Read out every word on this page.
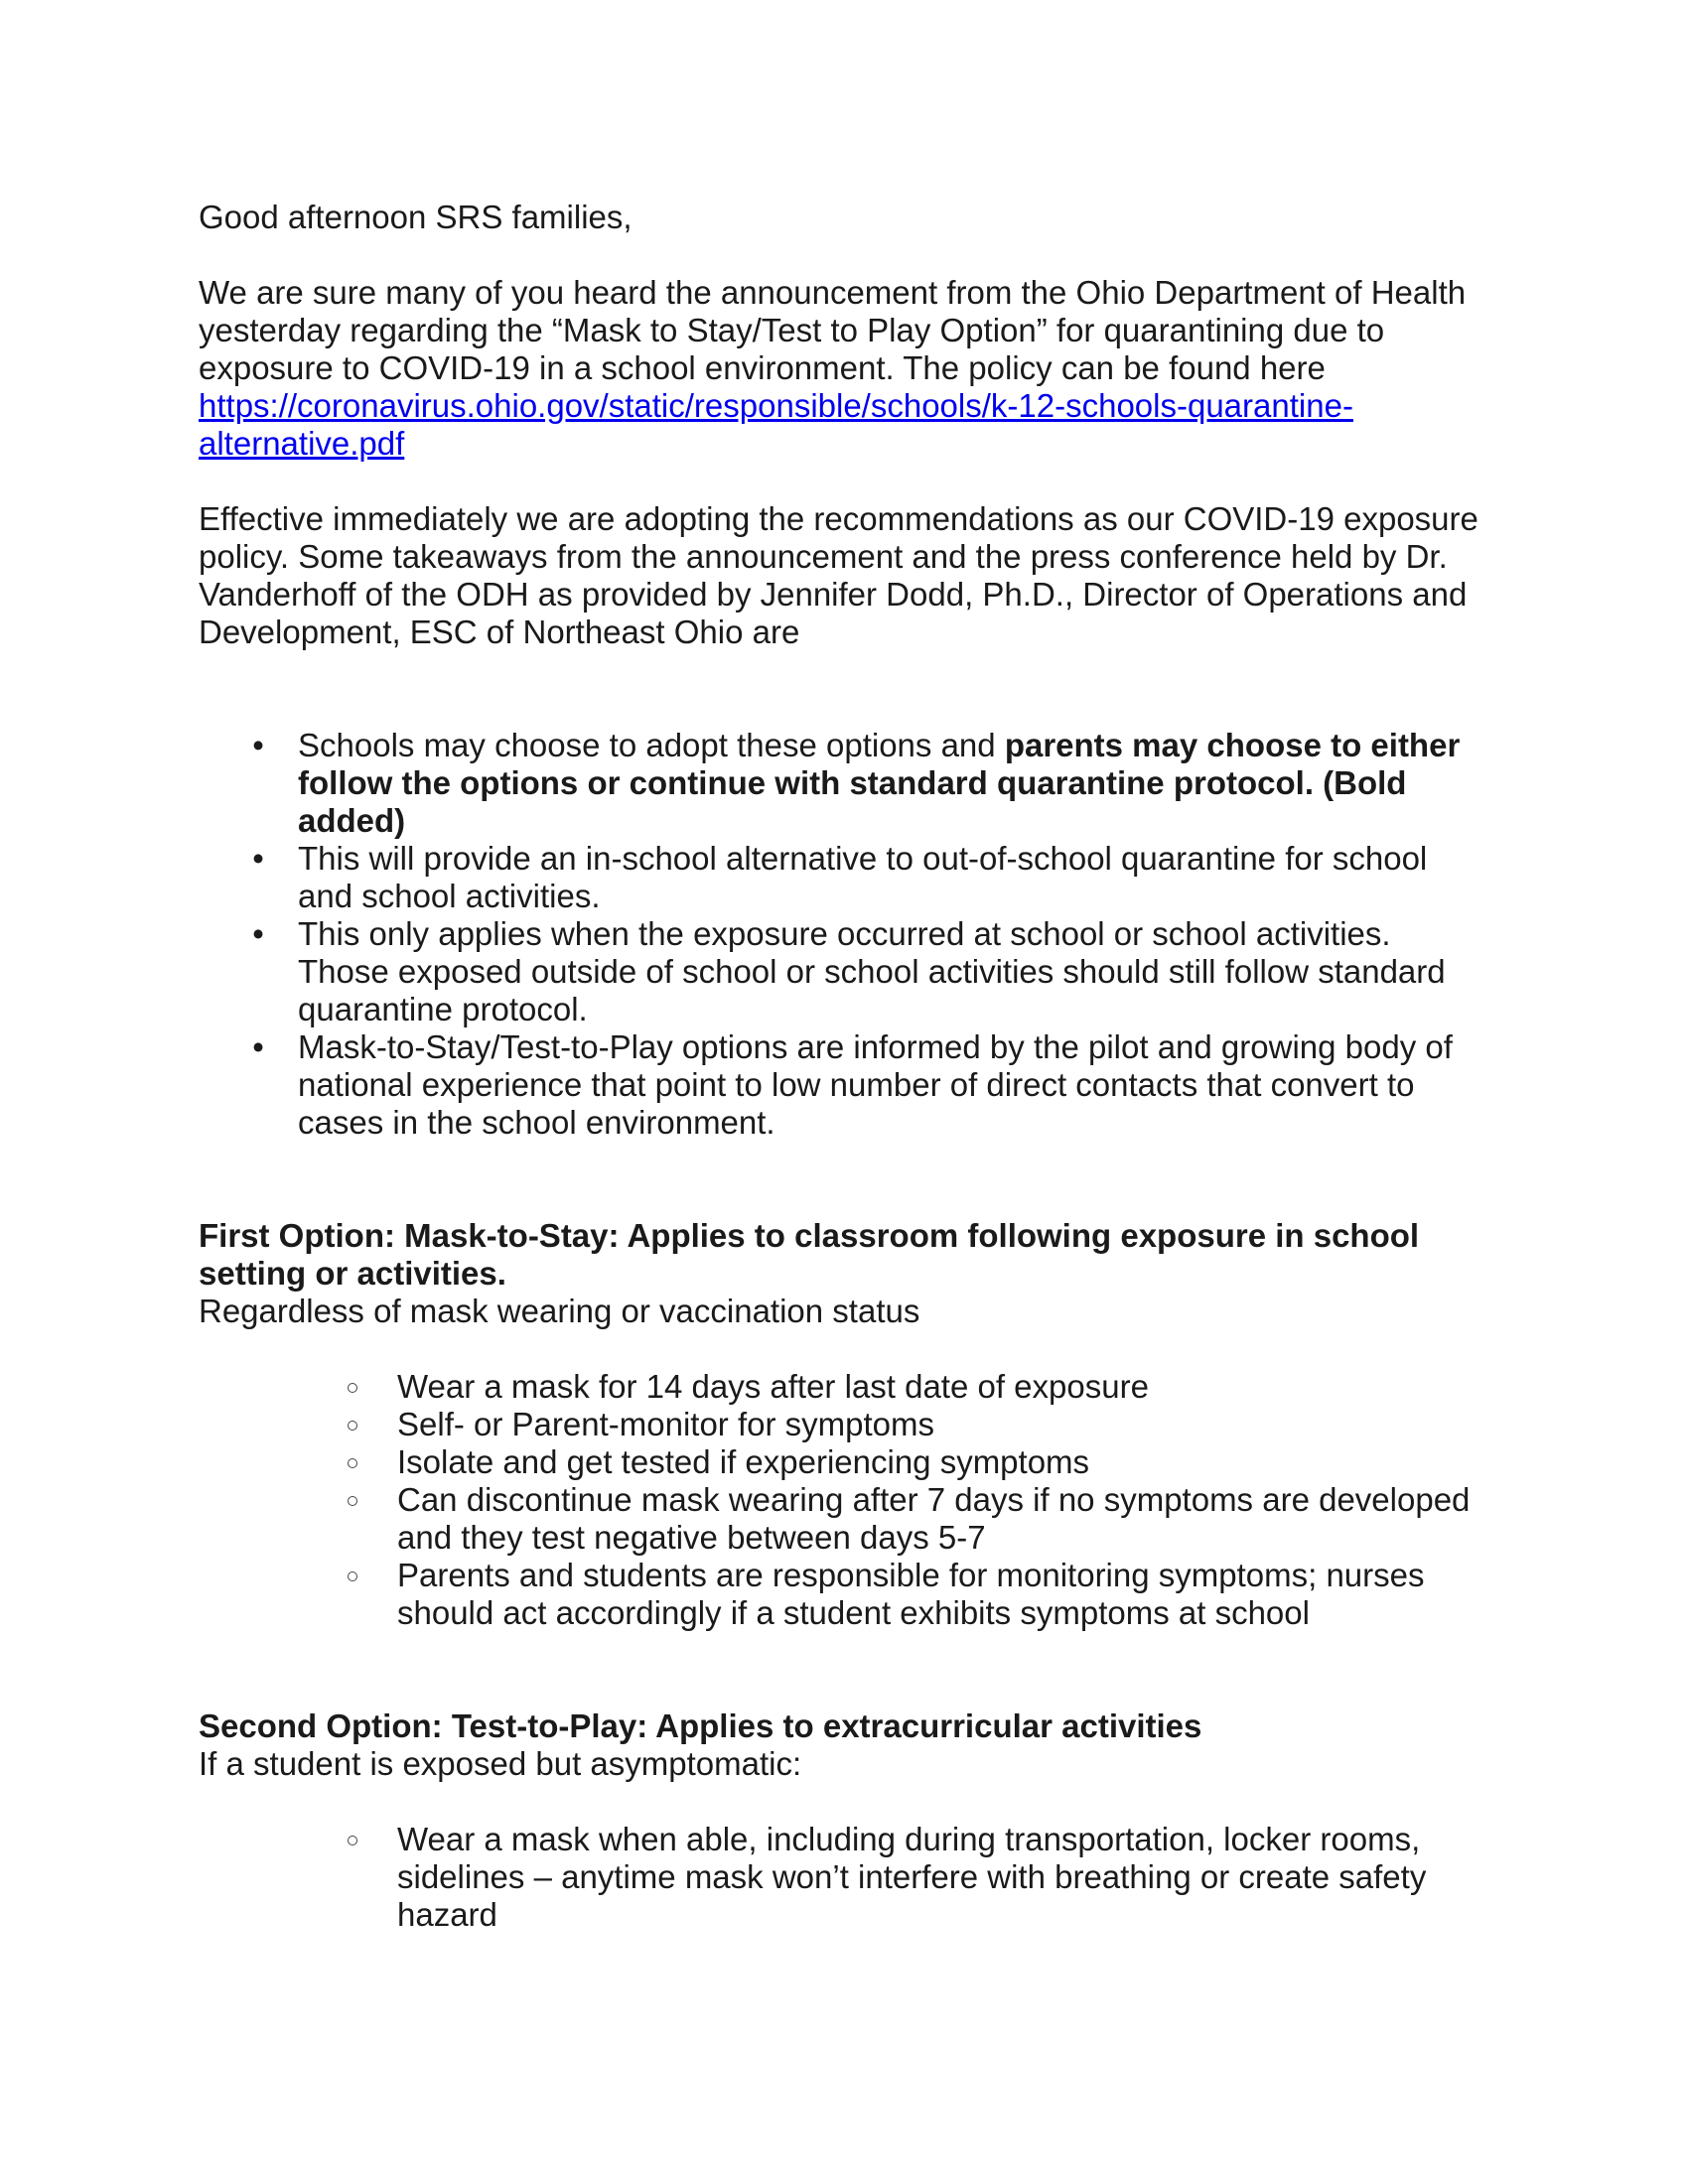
Good afternoon SRS families,

We are sure many of you heard the announcement from the Ohio Department of Health yesterday regarding the “Mask to Stay/Test to Play Option” for quarantining due to exposure to COVID-19 in a school environment. The policy can be found here
https://coronavirus.ohio.gov/static/responsible/schools/k-12-schools-quarantine-alternative.pdf

Effective immediately we are adopting the recommendations as our COVID-19 exposure policy. Some takeaways from the announcement and the press conference held by Dr. Vanderhoff of the ODH as provided by Jennifer Dodd, Ph.D., Director of Operations and Development, ESC of Northeast Ohio are

• Schools may choose to adopt these options and parents may choose to either follow the options or continue with standard quarantine protocol. (Bold added)
• This will provide an in-school alternative to out-of-school quarantine for school and school activities.
• This only applies when the exposure occurred at school or school activities. Those exposed outside of school or school activities should still follow standard quarantine protocol.
• Mask-to-Stay/Test-to-Play options are informed by the pilot and growing body of national experience that point to low number of direct contacts that convert to cases in the school environment.

First Option: Mask-to-Stay: Applies to classroom following exposure in school setting or activities.

Regardless of mask wearing or vaccination status

Wear a mask for 14 days after last date of exposure
Self- or Parent-monitor for symptoms
Isolate and get tested if experiencing symptoms
Can discontinue mask wearing after 7 days if no symptoms are developed and they test negative between days 5-7
Parents and students are responsible for monitoring symptoms; nurses should act accordingly if a student exhibits symptoms at school

Second Option: Test-to-Play: Applies to extracurricular activities

If a student is exposed but asymptomatic:

Wear a mask when able, including during transportation, locker rooms, sidelines – anytime mask won’t interfere with breathing or create safety hazard
